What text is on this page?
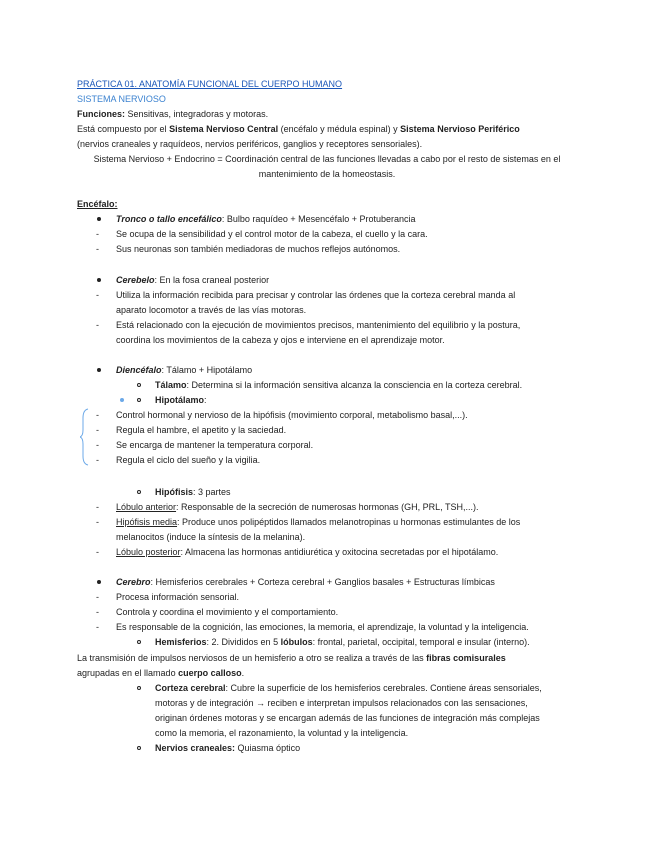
PRÁCTICA 01. ANATOMÍA FUNCIONAL DEL CUERPO HUMANO
SISTEMA NERVIOSO
Funciones: Sensitivas, integradoras y motoras.
Está compuesto por el Sistema Nervioso Central (encéfalo y médula espinal) y Sistema Nervioso Periférico
(nervios craneales y raquídeos, nervios periféricos, ganglios y receptores sensoriales).
Sistema Nervioso + Endocrino = Coordinación central de las funciones llevadas a cabo por el resto de sistemas en el
mantenimiento de la homeostasis.
Encéfalo:
Tronco o tallo encefálico: Bulbo raquídeo + Mesencéfalo + Protuberancia
- Se ocupa de la sensibilidad y el control motor de la cabeza, el cuello y la cara.
- Sus neuronas son también mediadoras de muchos reflejos autónomos.
Cerebelo: En la fosa craneal posterior
- Utiliza la información recibida para precisar y controlar las órdenes que la corteza cerebral manda al
aparato locomotor a través de las vías motoras.
- Está relacionado con la ejecución de movimientos precisos, mantenimiento del equilibrio y la postura,
coordina los movimientos de la cabeza y ojos e interviene en el aprendizaje motor.
Diencéfalo: Tálamo + Hipotálamo
Tálamo: Determina si la información sensitiva alcanza la consciencia en la corteza cerebral.
Hipotálamo:
- Control hormonal y nervioso de la hipófisis (movimiento corporal, metabolismo basal,...).
- Regula el hambre, el apetito y la saciedad.
- Se encarga de mantener la temperatura corporal.
- Regula el ciclo del sueño y la vigilia.
Hipófisis: 3 partes
- Lóbulo anterior: Responsable de la secreción de numerosas hormonas (GH, PRL, TSH,...).
- Hipófisis media: Produce unos polipéptidos llamados melanotropinas u hormonas estimulantes de los
melanocitos (induce la síntesis de la melanina).
- Lóbulo posterior: Almacena las hormonas antidiurética y oxitocina secretadas por el hipotálamo.
Cerebro: Hemisferios cerebrales + Corteza cerebral + Ganglios basales + Estructuras límbicas
- Procesa información sensorial.
- Controla y coordina el movimiento y el comportamiento.
- Es responsable de la cognición, las emociones, la memoria, el aprendizaje, la voluntad y la inteligencia.
Hemisferios: 2. Divididos en 5 lóbulos: frontal, parietal, occipital, temporal e insular (interno).
La transmisión de impulsos nerviosos de un hemisferio a otro se realiza a través de las fibras comisurales
agrupadas en el llamado cuerpo calloso.
Corteza cerebral: Cubre la superficie de los hemisferios cerebrales. Contiene áreas sensoriales,
motoras y de integración → reciben e interpretan impulsos relacionados con las sensaciones,
originan órdenes motoras y se encargan además de las funciones de integración más complejas
como la memoria, el razonamiento, la voluntad y la inteligencia.
Nervios craneales: Quiasma óptico
